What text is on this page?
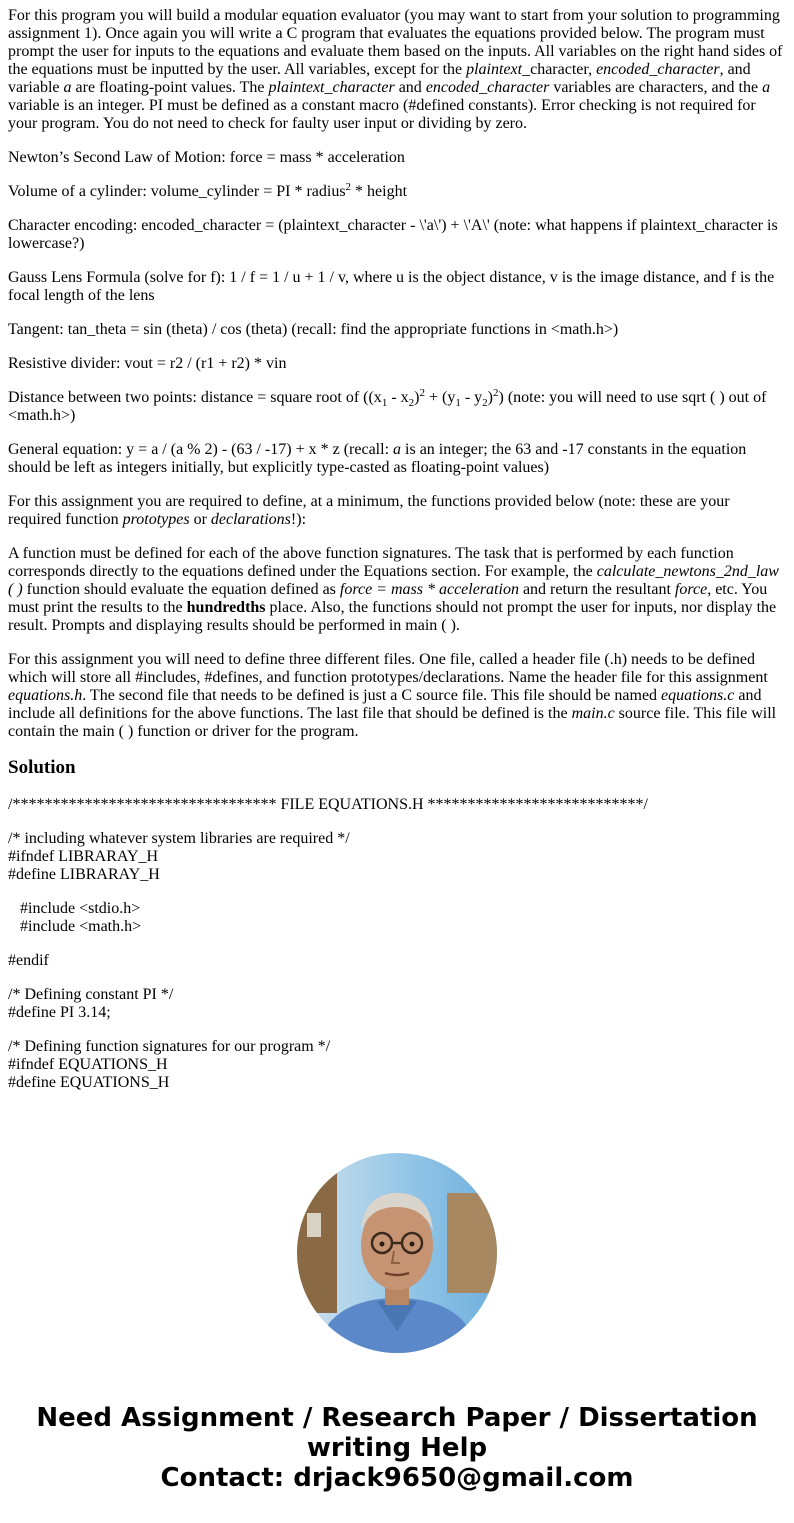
For this program you will build a modular equation evaluator (you may want to start from your solution to programming assignment 1). Once again you will write a C program that evaluates the equations provided below. The program must prompt the user for inputs to the equations and evaluate them based on the inputs. All variables on the right hand sides of the equations must be inputted by the user. All variables, except for the plaintext_character, encoded_character, and variable a are floating-point values. The plaintext_character and encoded_character variables are characters, and the a variable is an integer. PI must be defined as a constant macro (#defined constants). Error checking is not required for your program. You do not need to check for faulty user input or dividing by zero.

Newton’s Second Law of Motion: force = mass * acceleration

Volume of a cylinder: volume_cylinder = PI * radius$^2$ * height

Character encoding: encoded_character = (plaintext_character - \'a\') + \'A\' (note: what happens if plaintext_character is lowercase?)

Gauss Lens Formula (solve for f): 1 / f = 1 / u + 1 / v, where u is the object distance, v is the image distance, and f is the focal length of the lens

Tangent: tan_theta = sin (theta) / cos (theta) (recall: find the appropriate functions in <math.h>)

Resistive divider: vout = r2 / (r1 + r2) * vin

Distance between two points: distance = square root of $((x_1 - x_2)^2 + (y_1 - y_2)^2)$ (note: you will need to use sqrt ( ) out of <math.h>)

General equation: y = a / (a % 2) - (63 / -17) + x * z (recall: a is an integer; the 63 and -17 constants in the equation should be left as integers initially, but explicitly type-casted as floating-point values)

For this assignment you are required to define, at a minimum, the functions provided below (note: these are your required function prototypes or declarations!):

A function must be defined for each of the above function signatures. The task that is performed by each function corresponds directly to the equations defined under the Equations section. For example, the calculate_newtons_2nd_law ( ) function should evaluate the equation defined as force = mass * acceleration and return the resultant force, etc. You must print the results to the hundredths place. Also, the functions should not prompt the user for inputs, nor display the result. Prompts and displaying results should be performed in main ( ).

For this assignment you will need to define three different files. One file, called a header file (.h) needs to be defined which will store all #includes, #defines, and function prototypes/declarations. Name the header file for this assignment equations.h. The second file that needs to be defined is just a C source file. This file should be named equations.c and include all definitions for the above functions. The last file that should be defined is the main.c source file. This file will contain the main ( ) function or driver for the program.

Solution

/********************************* FILE EQUATIONS.H ***************************/

/* including whatever system libraries are required */
#ifndef LIBRARAY_H
#define LIBRARAY_H

#include <stdio.h>
#include <math.h>

#endif

/* Defining constant PI */
#define PI 3.14;

/* Defining function signatures for our program */
#ifndef EQUATIONS_H
#define EQUATIONS_H

Need Assignment / Research Paper / Dissertation
writing Help
Contact: drjack9650@gmail.com
